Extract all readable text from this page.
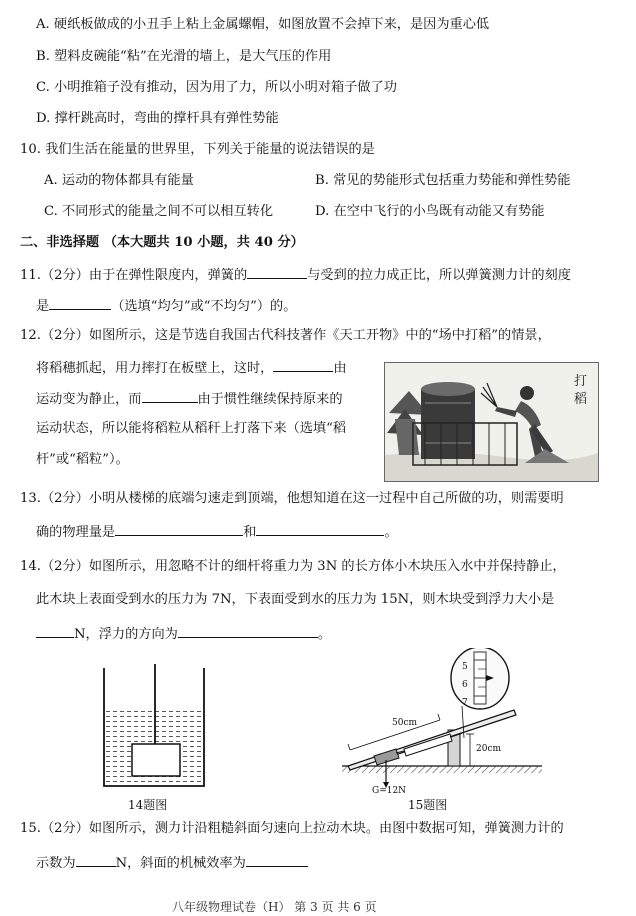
A. 硬纸板做成的小丑手上粘上金属螺帽，如图放置不会掉下来，是因为重心低
B. 塑料皮碗能“粘”在光滑的墙上，是大气压的作用
C. 小明推箱子没有推动，因为用了力，所以小明对箱子做了功
D. 撑杆跳高时，弯曲的撑杆具有弹性势能
10. 我们生活在能量的世界里，下列关于能量的说法错误的是
A. 运动的物体都具有能量	B. 常见的势能形式包括重力势能和弹性势能
C. 不同形式的能量之间不可以相互转化	D. 在空中飞行的小鸟既有动能又有势能
二、非选择题 （本大题共 10 小题，共 40 分）
11.（2分）由于在弹性限度内，弹簧的	与受到的拉力成正比，所以弹簧测力计的刻度
是	（选填“均匀”或“不均匀”）的。
12.（2分）如图所示，这是节选自我国古代科技著作《天工开物》中的“场中打稻”的情景，
将稻穗抓起，用力摔打在板壁上，这时，	由
运动变为静止，而	由于惯性继续保持原来的
运动状态，所以能将稻粒从稻秆上打落下来（选填“稻
杆”或“稻粒”）。
打稻
13.（2分）小明从楼梯的底端匀速走到顶端，他想知道在这一过程中自己所做的功，则需要明
确的物理量是	和	。
14.（2分）如图所示，用忽略不计的细杆将重力为 3N 的长方体小木块压入水中并保持静止，
此木块上表面受到水的压力为 7N，下表面受到水的压力为 15N，则木块受到浮力大小是
N，浮力的方向为	。
14题图
5
6
7
50cm
20cm
G=12N
15题图
15.（2分）如图所示，测力计沿粗糙斜面匀速向上拉动木块。由图中数据可知，弹簧测力计的
示数为	N，斜面的机械效率为
八年级物理试卷（H） 第 3 页 共 6 页
